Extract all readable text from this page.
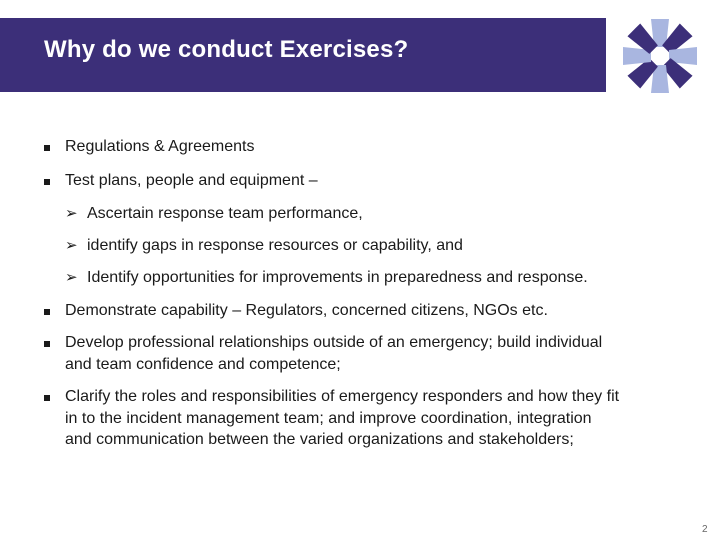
Why do we conduct Exercises?
Regulations & Agreements
Test plans, people and equipment –
➢ Ascertain response team performance,
➢ identify gaps in response resources or capability, and
➢ Identify opportunities for improvements in preparedness and response.
Demonstrate capability – Regulators, concerned citizens, NGOs etc.
Develop professional relationships outside of an emergency; build individual and team confidence and competence;
Clarify the roles and responsibilities of emergency responders and how they fit in to the incident management team; and improve coordination, integration and communication between the varied organizations and stakeholders;
2
